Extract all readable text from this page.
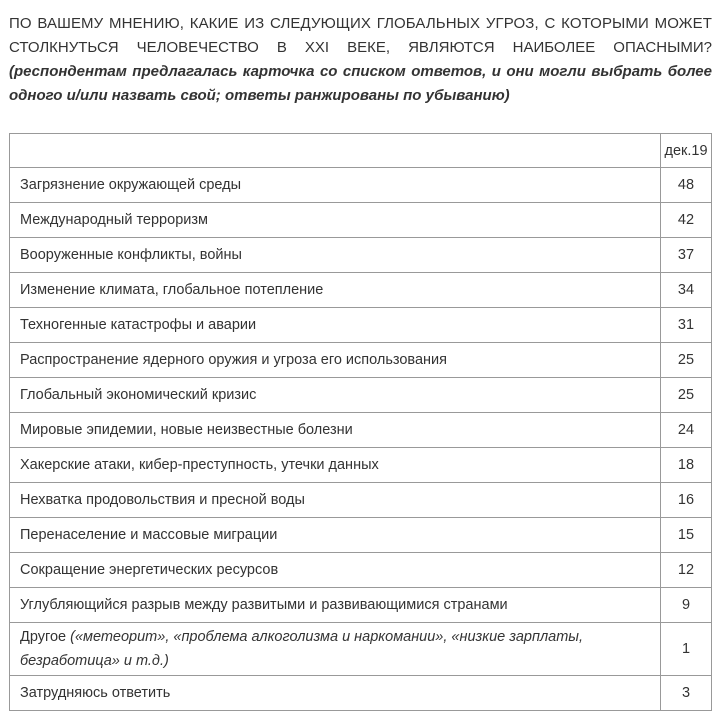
ПО ВАШЕМУ МНЕНИЮ, КАКИЕ ИЗ СЛЕДУЮЩИХ ГЛОБАЛЬНЫХ УГРОЗ, С КОТОРЫМИ МОЖЕТ
СТОЛКНУТЬСЯ ЧЕЛОВЕЧЕСТВО В XXI ВЕКЕ, ЯВЛЯЮТСЯ НАИБОЛЕЕ ОПАСНЫМИ?
(респондентам предлагалась карточка со списком ответов, и они могли выбрать более одного и/или назвать свой; ответы ранжированы по убыванию)
	дек.19
Загрязнение окружающей среды	48
Международный терроризм	42
Вооруженные конфликты, войны	37
Изменение климата, глобальное потепление	34
Техногенные катастрофы и аварии	31
Распространение ядерного оружия и угроза его использования	25
Глобальный экономический кризис	25
Мировые эпидемии, новые неизвестные болезни	24
Хакерские атаки, кибер-преступность, утечки данных	18
Нехватка продовольствия и пресной воды	16
Перенаселение и массовые миграции	15
Сокращение энергетических ресурсов	12
Углубляющийся разрыв между развитыми и развивающимися странами	9
Другое («метеорит», «проблема алкоголизма и наркомании», «низкие зарплаты, безработица» и т.д.)	1
Затрудняюсь ответить	3
